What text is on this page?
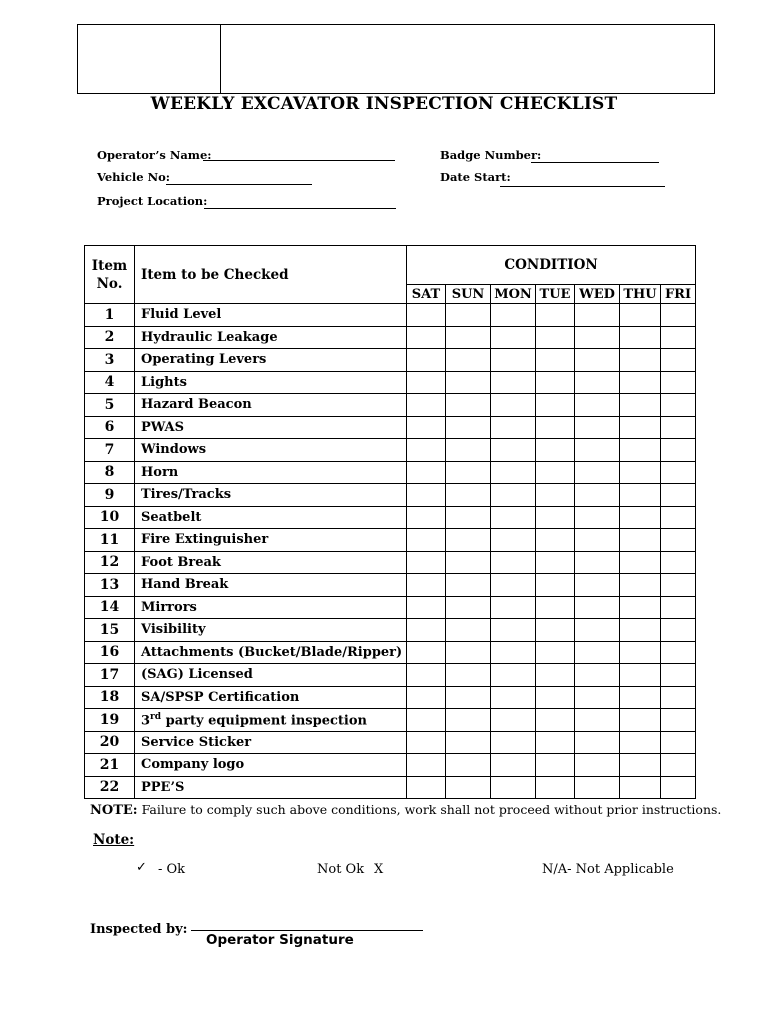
WEEKLY EXCAVATOR INSPECTION CHECKLIST
Operator’s Name:
Vehicle No:
Project Location:
Badge Number:
Date Start:
Item
No.	Item to be Checked	CONDITION						
		SAT	SUN	MON	TUE	WED	THU	FRI
1	Fluid Level							
2	Hydraulic Leakage							
3	Operating Levers							
4	Lights							
5	Hazard Beacon							
6	PWAS							
7	Windows							
8	Horn							
9	Tires/Tracks							
10	Seatbelt							
11	Fire Extinguisher							
12	Foot Break							
13	Hand Break							
14	Mirrors							
15	Visibility							
16	Attachments (Bucket/Blade/Ripper)							
17	(SAG) Licensed							
18	SA/SPSP Certification							
19	3rd party equipment inspection							
20	Service Sticker							
21	Company logo							
22	PPE’S							
NOTE: Failure to comply such above conditions, work shall not proceed without prior instructions.
Note:
✓ - Ok	Not Ok X	N/A- Not Applicable
Inspected by:
Operator Signature
